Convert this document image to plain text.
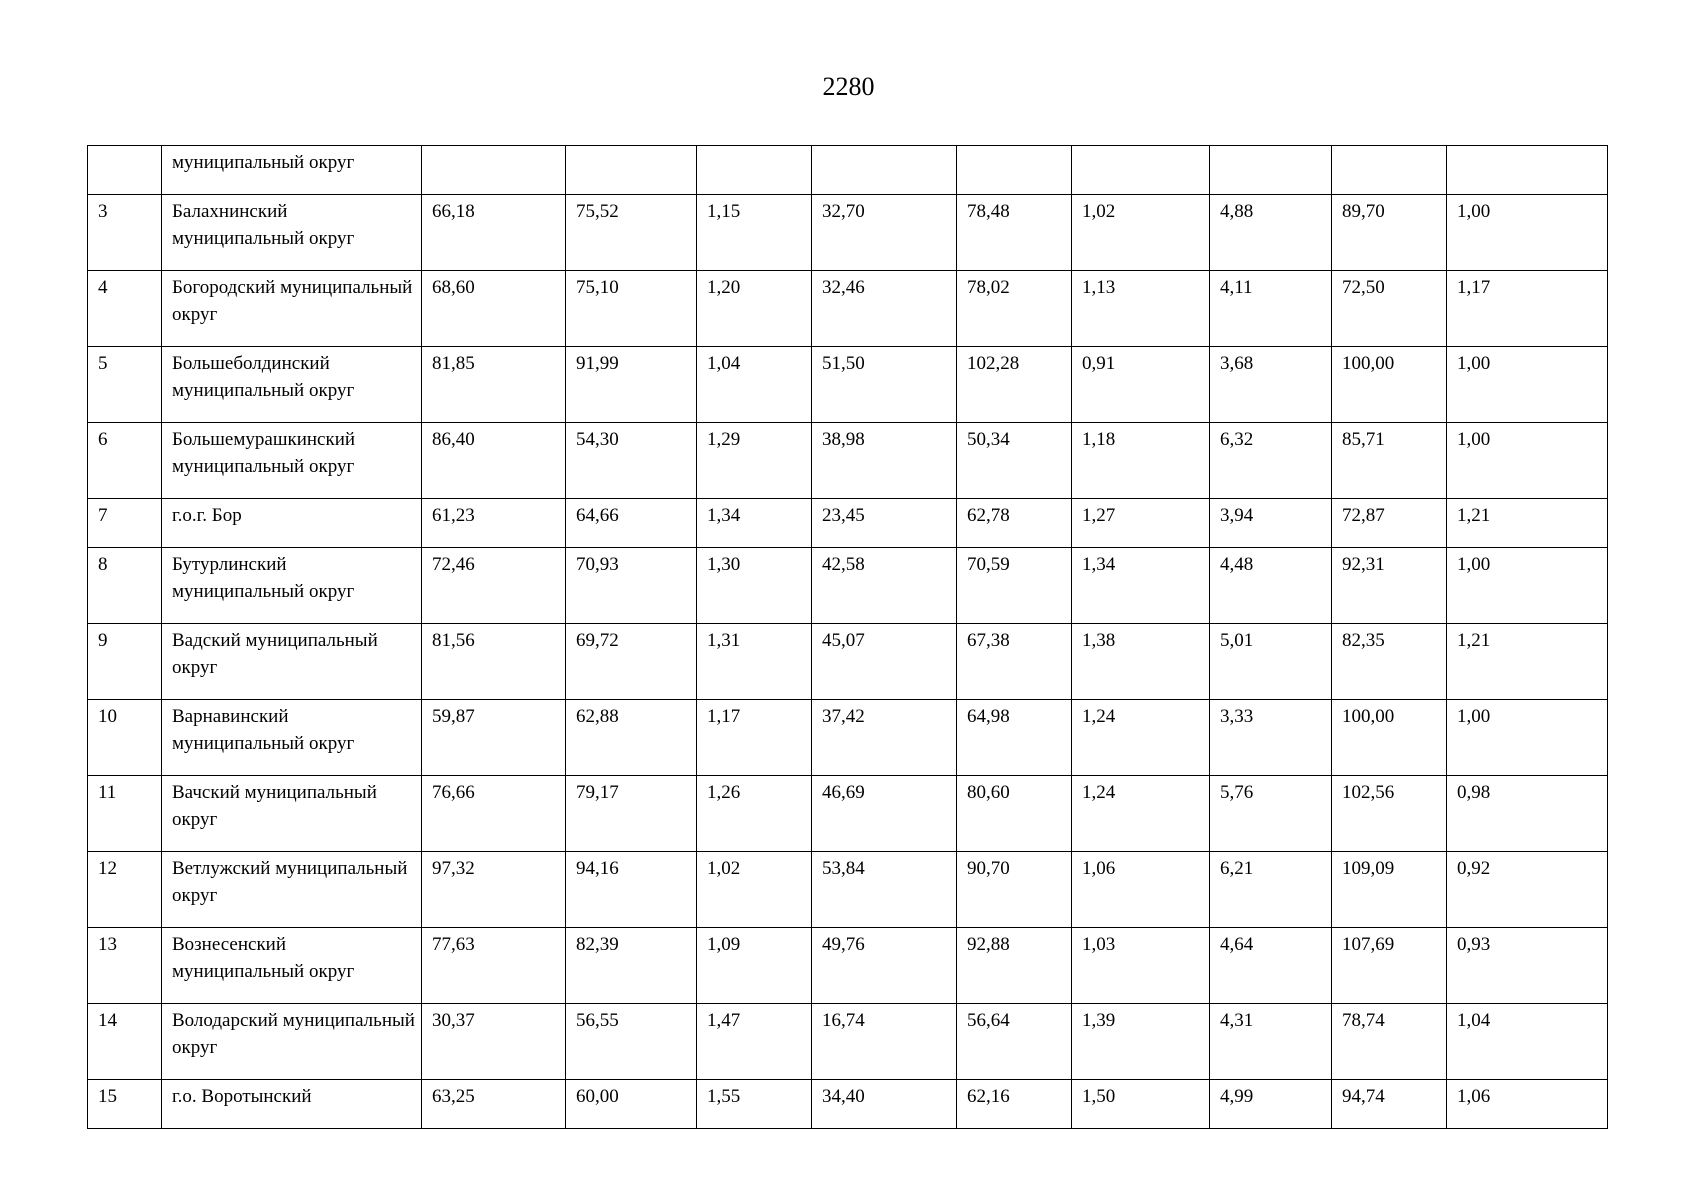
2280
	муниципальный округ									
3	Балахнинский муниципальный округ	66,18	75,52	1,15	32,70	78,48	1,02	4,88	89,70	1,00
4	Богородский муниципальный округ	68,60	75,10	1,20	32,46	78,02	1,13	4,11	72,50	1,17
5	Большеболдинский муниципальный округ	81,85	91,99	1,04	51,50	102,28	0,91	3,68	100,00	1,00
6	Большемурашкинский муниципальный округ	86,40	54,30	1,29	38,98	50,34	1,18	6,32	85,71	1,00
7	г.о.г. Бор	61,23	64,66	1,34	23,45	62,78	1,27	3,94	72,87	1,21
8	Бутурлинский муниципальный округ	72,46	70,93	1,30	42,58	70,59	1,34	4,48	92,31	1,00
9	Вадский муниципальный округ	81,56	69,72	1,31	45,07	67,38	1,38	5,01	82,35	1,21
10	Варнавинский муниципальный округ	59,87	62,88	1,17	37,42	64,98	1,24	3,33	100,00	1,00
11	Вачский муниципальный округ	76,66	79,17	1,26	46,69	80,60	1,24	5,76	102,56	0,98
12	Ветлужский муниципальный округ	97,32	94,16	1,02	53,84	90,70	1,06	6,21	109,09	0,92
13	Вознесенский муниципальный округ	77,63	82,39	1,09	49,76	92,88	1,03	4,64	107,69	0,93
14	Володарский муниципальный округ	30,37	56,55	1,47	16,74	56,64	1,39	4,31	78,74	1,04
15	г.о. Воротынский	63,25	60,00	1,55	34,40	62,16	1,50	4,99	94,74	1,06
